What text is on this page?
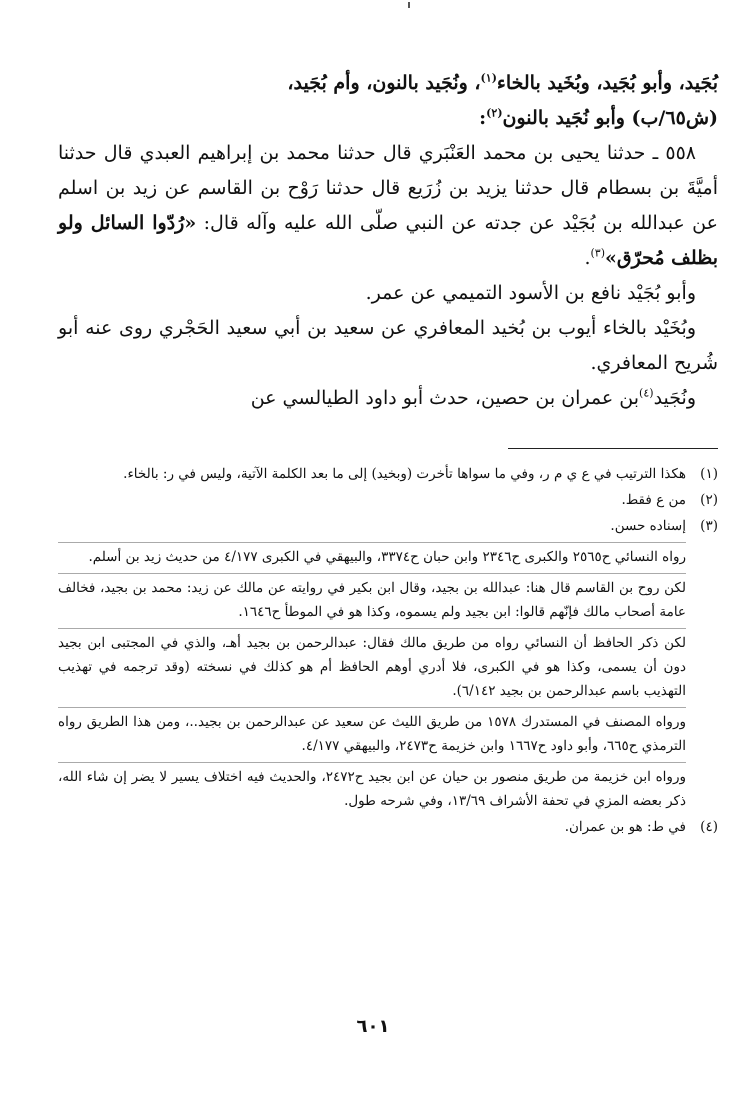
بُجَيد، وأبو بُجَيد، وبُخَيد بالخاء$^{(١)}$، ونُجَيد بالنون، وأم بُجَيد،

(ش٦٥/ب) وأبو نُجَيد بالنون$^{(٢)}$:

٥٥٨ ـ حدثنا يحيى بن محمد العَنْبَري قال حدثنا محمد بن إبراهيم العبدي قال حدثنا أميَّةَ بن بسطام قال حدثنا يزيد بن زُرَيع قال حدثنا رَوْح بن القاسم عن زيد بن اسلم عن عبدالله بن بُجَيْد عن جدته عن النبي صلّى الله عليه وآله قال: «رُدّوا السائل ولو بظلف مُحرّق»$^{(٣)}$.

وأبو بُجَيْد نافع بن الأسود التميمي عن عمر.

وبُخَيْد بالخاء أيوب بن بُخيد المعافري عن سعيد بن أبي سعيد الحَجْري روى عنه أبو شُريح المعافري.

ونُجَيد$^{(٤)}$بن عمران بن حصين، حدث أبو داود الطيالسي عن

(١)

هكذا الترتيب في ع ي م ر، وفي ما سواها تأخرت (وبخيد) إلى ما بعد الكلمة الآتية، وليس في ر: بالخاء.

(٢)

من ع فقط.

(٣)

إسناده حسن.

رواه النسائي ح٢٥٦٥ والكبرى ح٢٣٤٦ وابن حبان ح٣٣٧٤، والبيهقي في الكبرى ٤/١٧٧ من حديث زيد بن أسلم.

لكن روح بن القاسم قال هنا: عبدالله بن بجيد، وقال ابن بكير في روايته عن مالك عن زيد: محمد بن بجيد، فخالف عامة أصحاب مالك فإنّهم قالوا: ابن بجيد ولم يسموه، وكذا هو في الموطأ ح١٦٤٦.

لكن ذكر الحافظ أن النسائي رواه من طريق مالك فقال: عبدالرحمن بن بجيد أهـ، والذي في المجتبى ابن بجيد دون أن يسمى، وكذا هو في الكبرى، فلا أدري أوهم الحافظ أم هو كذلك في نسخته (وقد ترجمه في تهذيب التهذيب باسم عبدالرحمن بن بجيد ٦/١٤٢).

ورواه المصنف في المستدرك ١٥٧٨ من طريق الليث عن سعيد عن عبدالرحمن بن بجيد..، ومن هذا الطريق رواه الترمذي ح٦٦٥، وأبو داود ح١٦٦٧ وابن خزيمة ح٢٤٧٣، والبيهقي ٤/١٧٧.

ورواه ابن خزيمة من طريق منصور بن حيان عن ابن بجيد ح٢٤٧٢، والحديث فيه اختلاف يسير لا يضر إن شاء الله، ذكر بعضه المزي في تحفة الأشراف ١٣/٦٩، وفي شرحه طول.

(٤)

في ط: هو بن عمران.

٦٠١
